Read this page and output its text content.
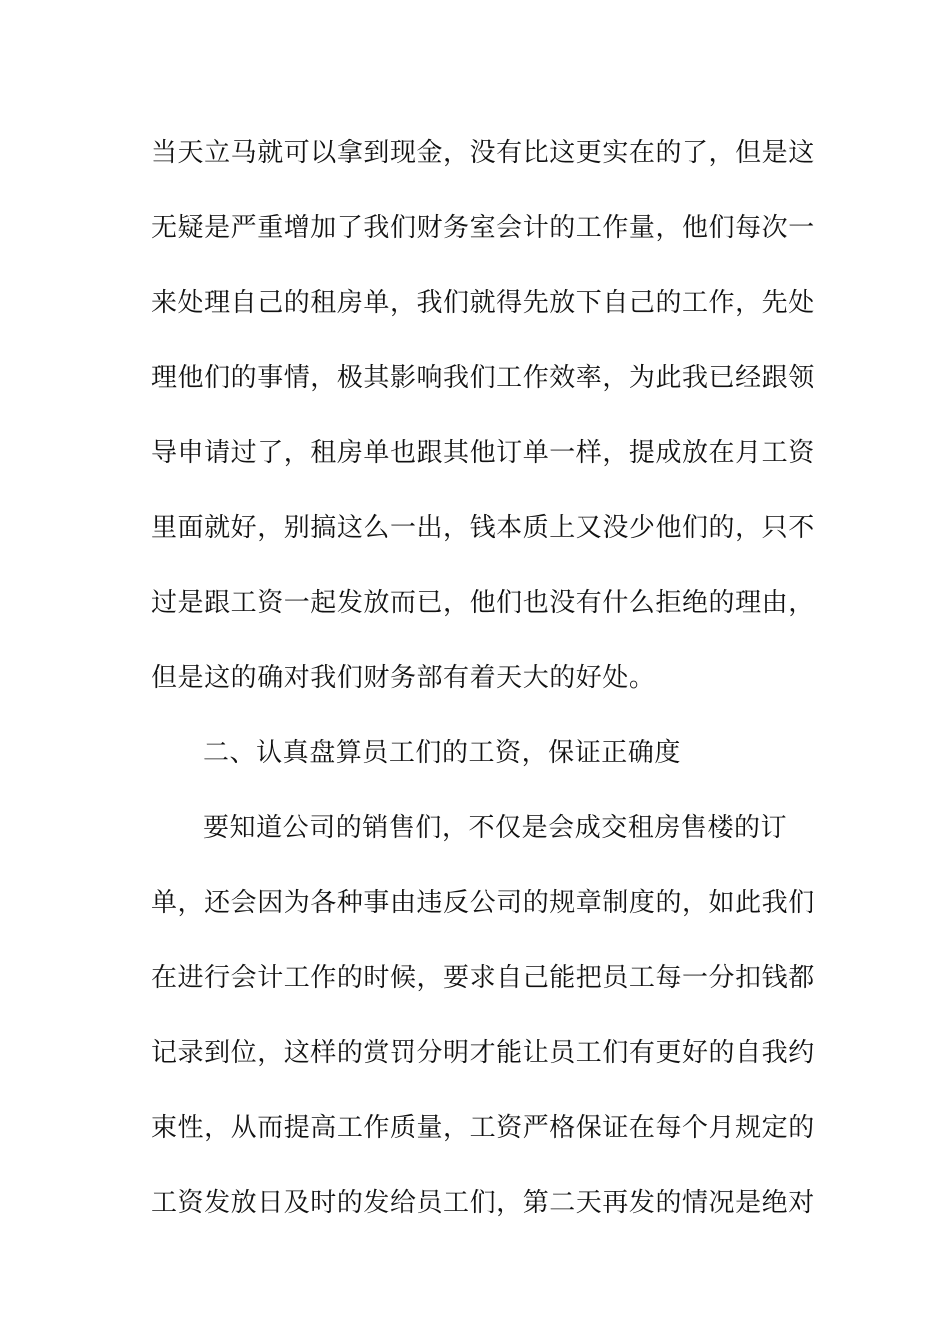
当天立马就可以拿到现金，没有比这更实在的了，但是这
无疑是严重增加了我们财务室会计的工作量，他们每次一
来处理自己的租房单，我们就得先放下自己的工作，先处
理他们的事情，极其影响我们工作效率，为此我已经跟领
导申请过了，租房单也跟其他订单一样，提成放在月工资
里面就好，别搞这么一出，钱本质上又没少他们的，只不
过是跟工资一起发放而已，他们也没有什么拒绝的理由，
但是这的确对我们财务部有着天大的好处。
二、认真盘算员工们的工资，保证正确度
要知道公司的销售们，不仅是会成交租房售楼的订
单，还会因为各种事由违反公司的规章制度的，如此我们
在进行会计工作的时候，要求自己能把员工每一分扣钱都
记录到位，这样的赏罚分明才能让员工们有更好的自我约
束性，从而提高工作质量，工资严格保证在每个月规定的
工资发放日及时的发给员工们，第二天再发的情况是绝对
